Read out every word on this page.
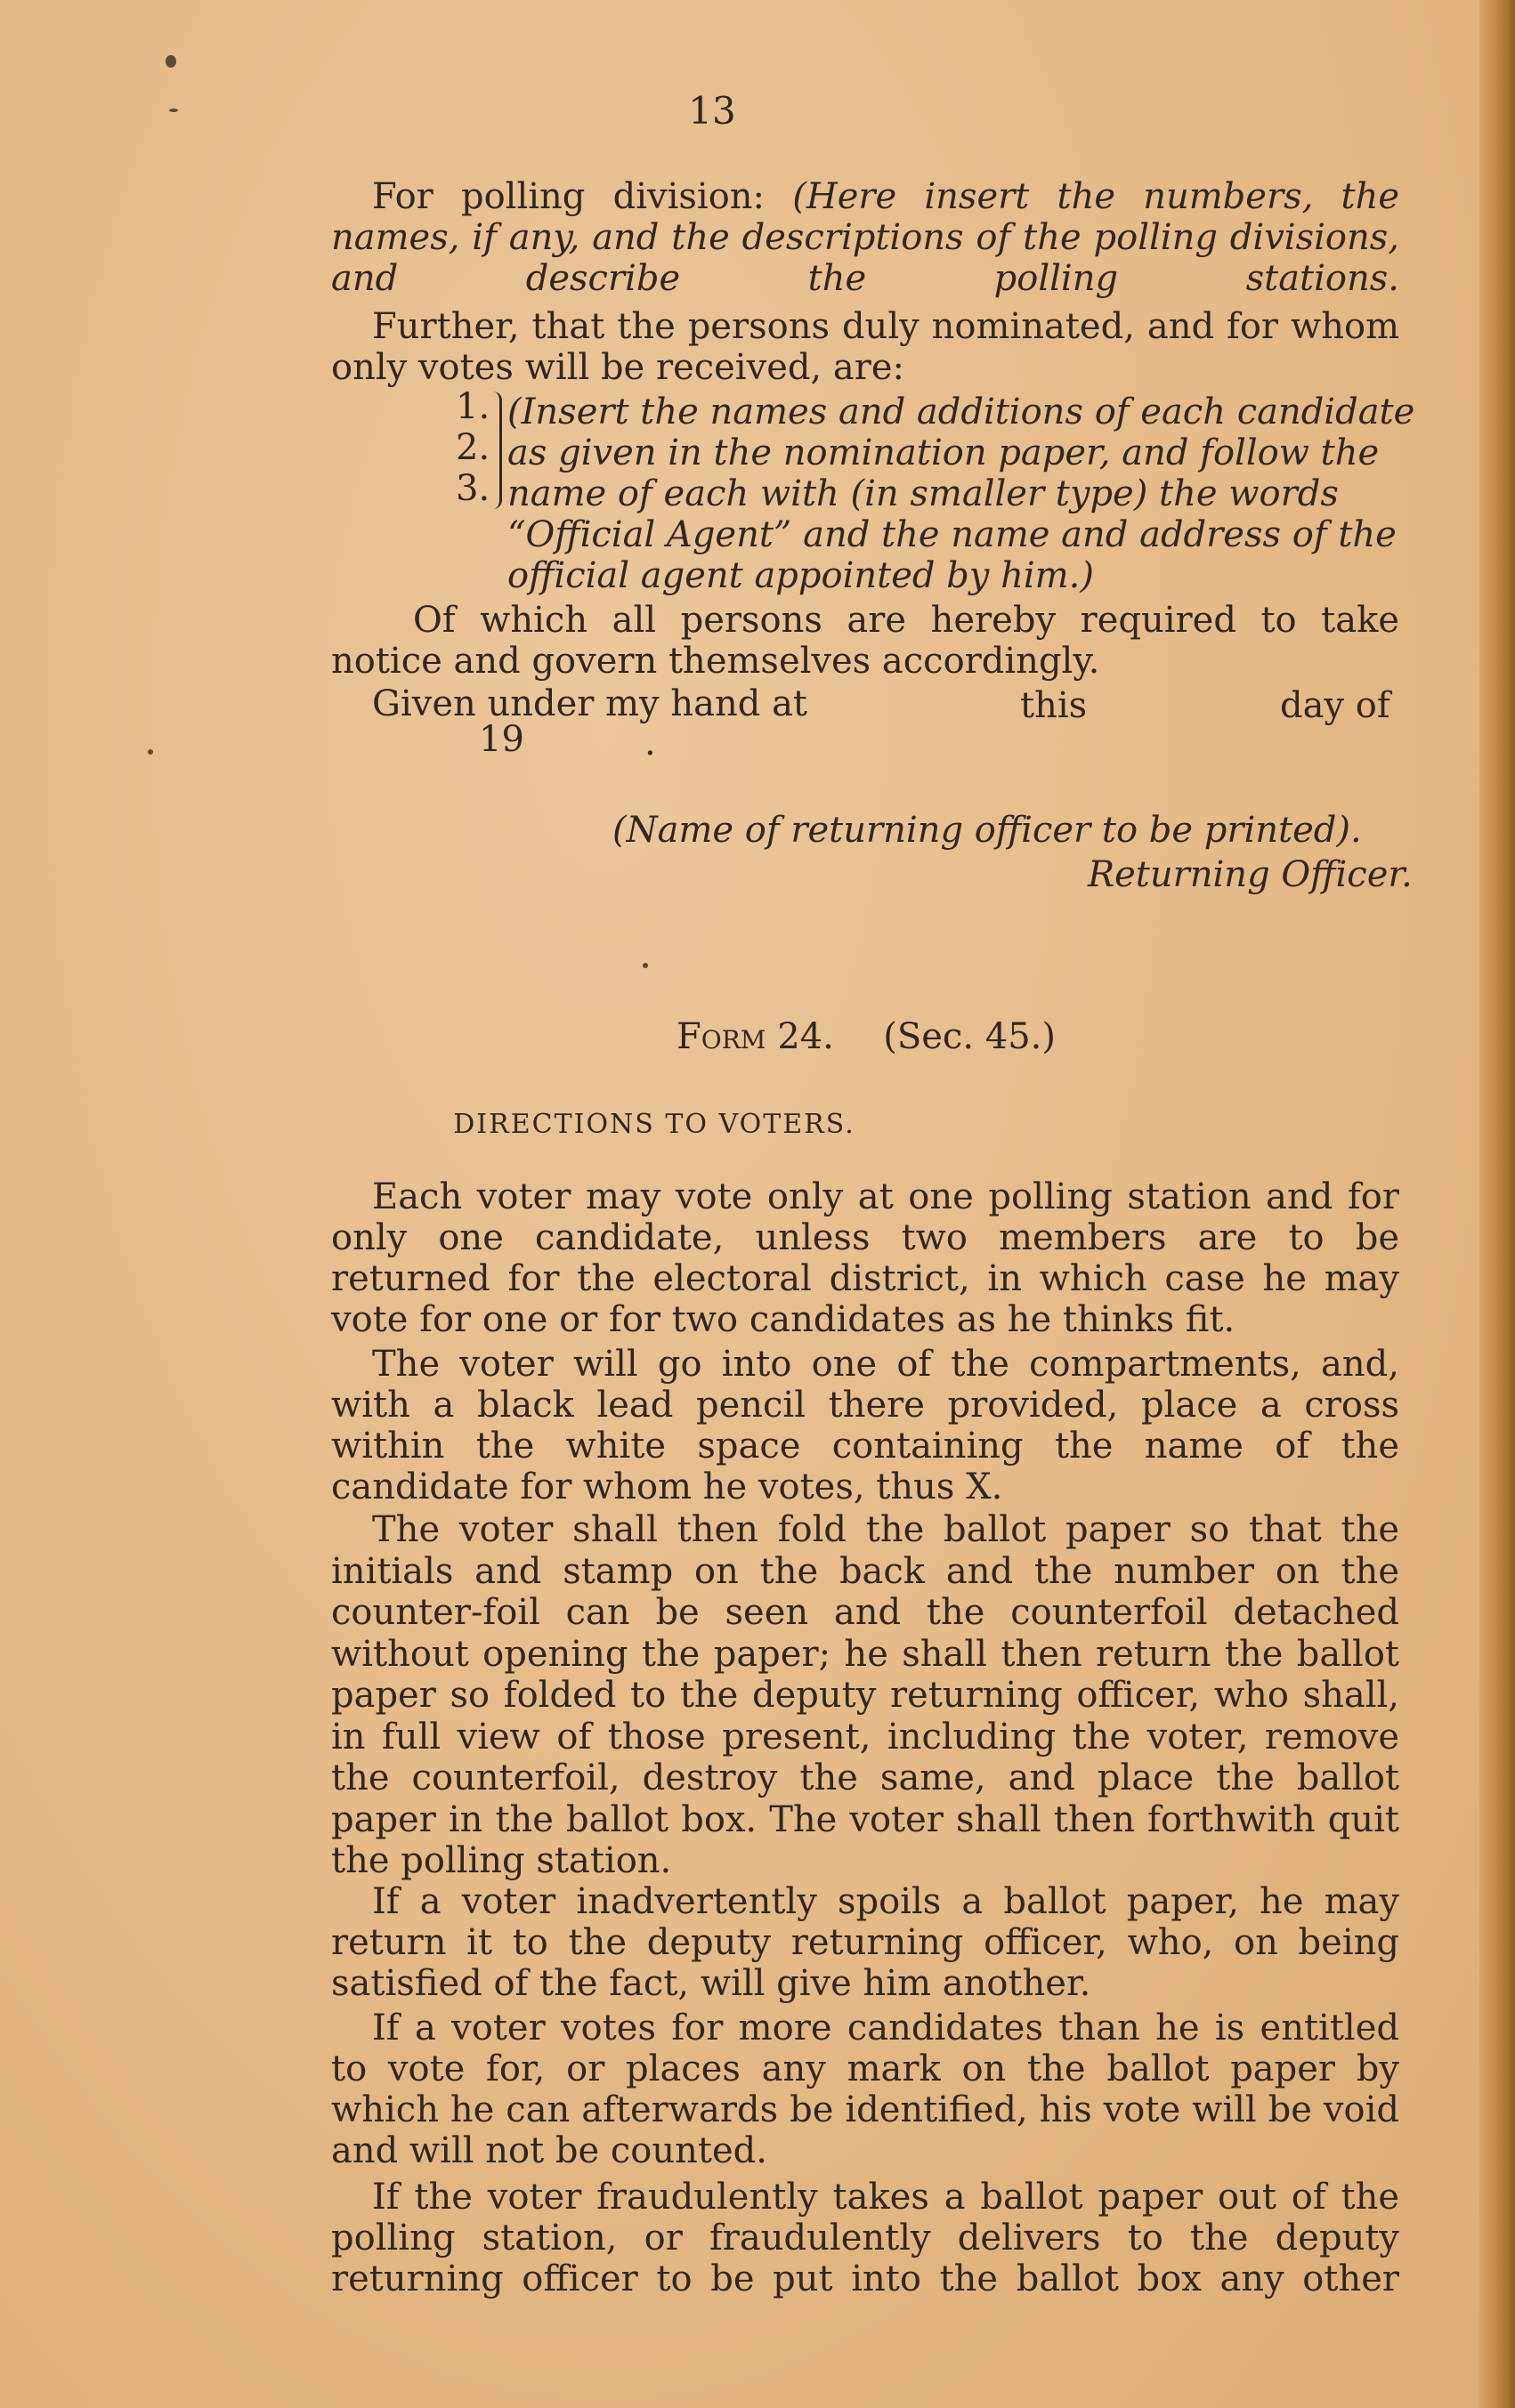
13
For polling division: (Here insert the numbers, the names, if any, and the descriptions of the polling divisions, and describe the polling stations.
Further, that the persons duly nominated, and for whom only votes will be received, are:
1.
2.
3.
(Insert the names and additions of each candidate
as given in the nomination paper, and follow the
name of each with (in smaller type) the words
“Official Agent” and the name and address of the
official agent appointed by him.)
Of which all persons are hereby required to take notice and govern themselves accordingly.
Given under my hand at	this	day of
19	.
(Name of returning officer to be printed).
Returning Officer.
Form 24. (Sec. 45.)
DIRECTIONS TO VOTERS.
Each voter may vote only at one polling station and for only one candidate, unless two members are to be returned for the electoral district, in which case he may vote for one or for two candidates as he thinks fit.
The voter will go into one of the compartments, and, with a black lead pencil there provided, place a cross within the white space containing the name of the candidate for whom he votes, thus X.
The voter shall then fold the ballot paper so that the initials and stamp on the back and the number on the counter-foil can be seen and the counterfoil detached without opening the paper; he shall then return the ballot paper so folded to the deputy returning officer, who shall, in full view of those present, including the voter, remove the counterfoil, destroy the same, and place the ballot paper in the ballot box. The voter shall then forthwith quit the polling station.
If a voter inadvertently spoils a ballot paper, he may return it to the deputy returning officer, who, on being satisfied of the fact, will give him another.
If a voter votes for more candidates than he is entitled to vote for, or places any mark on the ballot paper by which he can afterwards be identified, his vote will be void and will not be counted.
If the voter fraudulently takes a ballot paper out of the polling station, or fraudulently delivers to the deputy returning officer to be put into the ballot box any other
